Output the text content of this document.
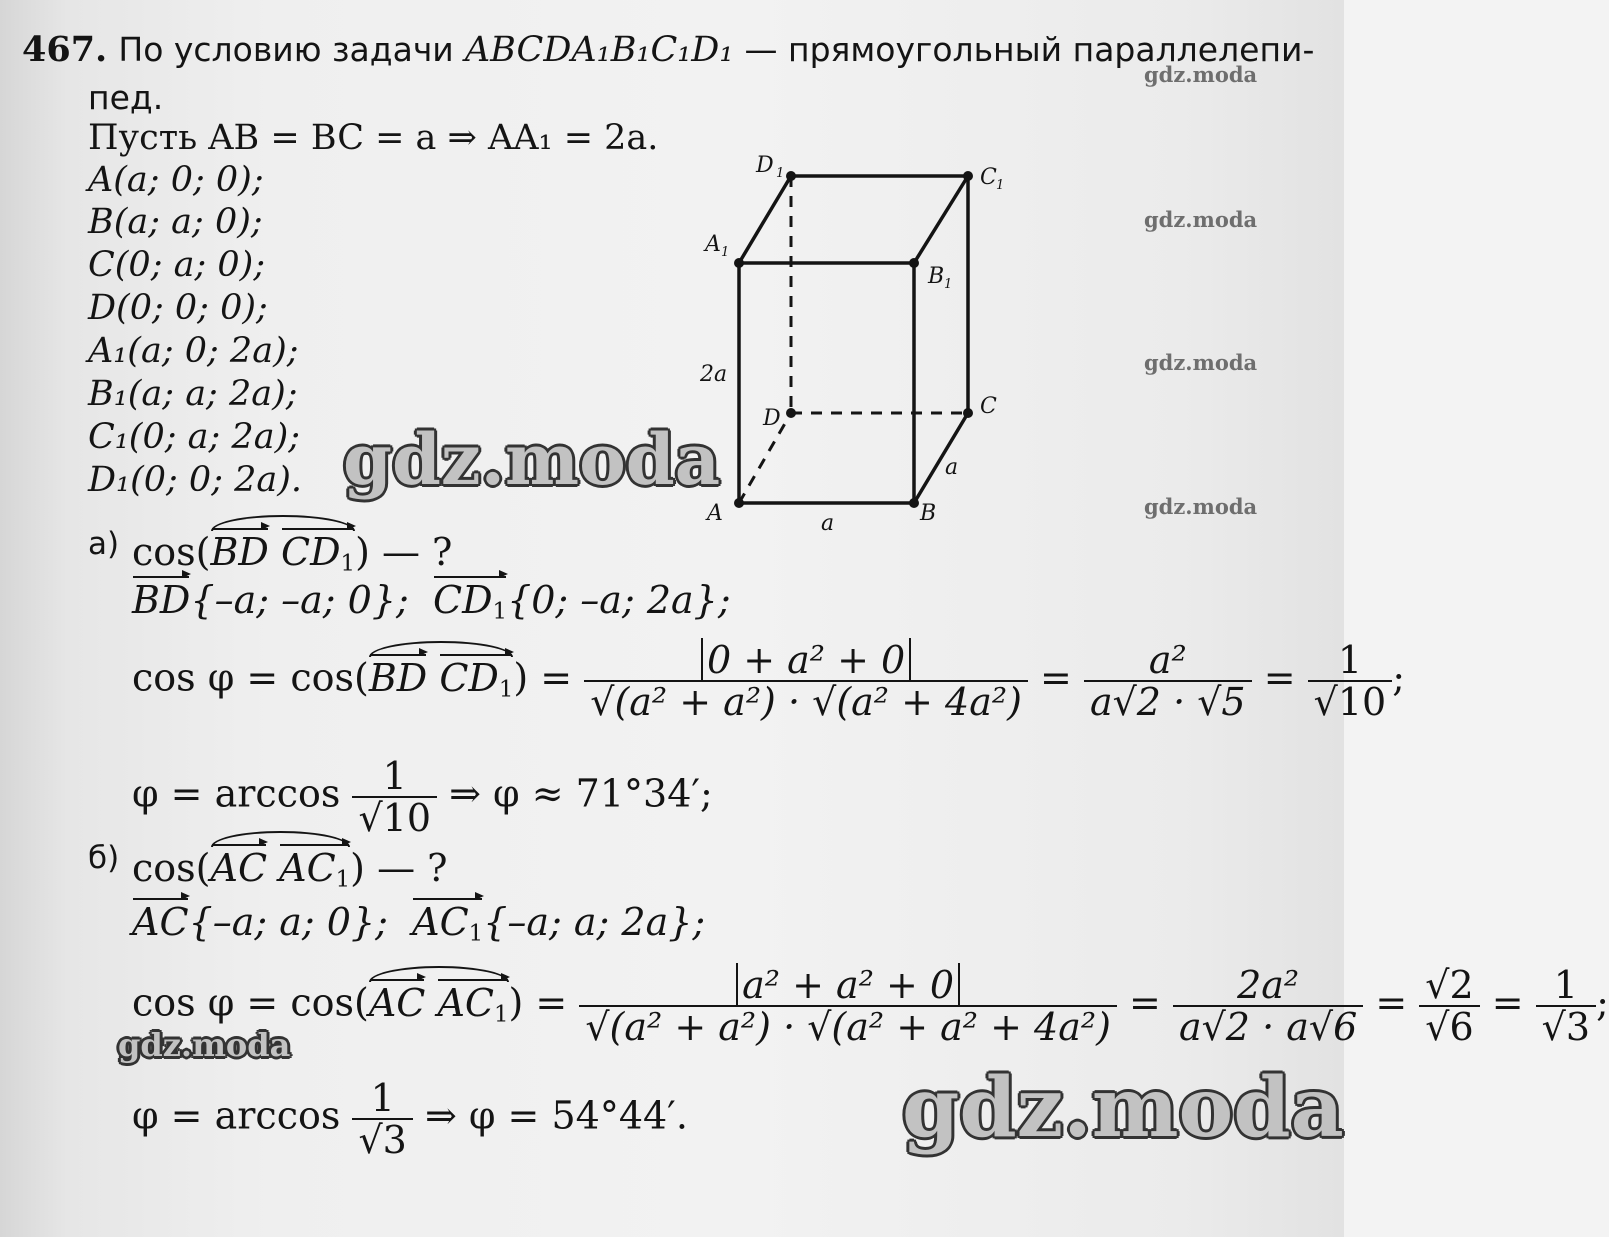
467. По условию задачи ABCDA₁B₁C₁D₁ — прямоугольный параллелепи-
пед.
Пусть AB = BC = a ⇒ AA₁ = 2a.
A(a; 0; 0);
B(a; a; 0);
C(0; a; 0);
D(0; 0; 0);
A₁(a; 0; 2a);
B₁(a; a; 2a);
C₁(0; a; 2a);
D₁(0; 0; 2a).
D 1	C 1
A 1
B 1
2a
D	C
a
A	B
a
а) cos(BD $CD_1$) — ?
BD{–a; –a; 0}; $CD_1\{0$; –a; 2a};
cos φ = cos(BD $CD_1) = \frac{\text{0 + a² + 0}}{\text{√(a² + a²) · √(a² + 4a²)}} = \frac{\text{a²}}{a√2 \cdot √5} = \frac{1}{√10}$ ;
$\varphi = \arccos \frac{1}{√10}$ ⇒ φ ≈ 71°34′;
б) cos(AC $AC_1$) — ?
AC{–a; a; 0}; $AC_1\{-a$; a; 2a};
cos φ = cos(AC $AC_1) = \frac{\text{a² + a² + 0}}{\text{√(a² + a²) · √(a² + a² + 4a²)}} = \frac{\text{2a²}}{a√2 \cdot a√6} = \frac{√2}{√6} = \frac{1}{√3}$ ;
$\varphi = \arccos \frac{1}{√3}$ ⇒ φ = 54°44′.
gdz.moda
gdz.moda
gdz.moda
gdz.moda
gdz.moda
gdz.moda
gdz.moda
